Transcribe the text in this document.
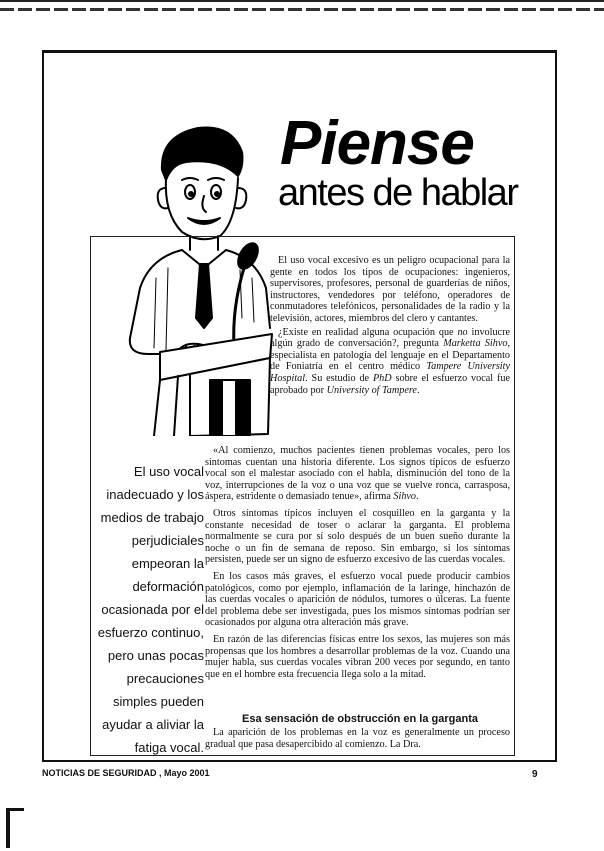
Piense
antes de hablar

El uso vocal excesivo es un peligro ocupacional para la gente en todos los tipos de ocupaciones: ingenieros, supervisores, profesores, personal de guarderías de niños, instructores, vendedores por teléfono, operadores de conmutadores telefónicos, personalidades de la radio y la televisión, actores, miembros del clero y cantantes.

¿Existe en realidad alguna ocupación que no involucre algún grado de conversación?, pregunta Marketta Sihvo, especialista en patología del lenguaje en el Departamento de Foniatría en el centro médico Tampere University Hospital. Su estudio de PhD sobre el esfuerzo vocal fue aprobado por University of Tampere.

El uso vocal
inadecuado y los
medios de trabajo
perjudiciales
empeoran la
deformación
ocasionada por el
esfuerzo continuo,
pero unas pocas
precauciones
simples pueden
ayudar a aliviar la
fatiga vocal.

«Al comienzo, muchos pacientes tienen problemas vocales, pero los síntomas cuentan una historia diferente. Los signos típicos de esfuerzo vocal son el malestar asociado con el habla, disminución del tono de la voz, interrupciones de la voz o una voz que se vuelve ronca, carrasposa, áspera, estridente o demasiado tenue», afirma Sihvo.

Otros síntomas típicos incluyen el cosquilleo en la garganta y la constante necesidad de toser o aclarar la garganta. El problema normalmente se cura por sí solo después de un buen sueño durante la noche o un fin de semana de reposo. Sin embargo, si los síntomas persisten, puede ser un signo de esfuerzo excesivo de las cuerdas vocales.

En los casos más graves, el esfuerzo vocal puede producir cambios patológicos, como por ejemplo, inflamación de la laringe, hinchazón de las cuerdas vocales o aparición de nódulos, tumores o úlceras. La fuente del problema debe ser investigada, pues los mismos síntomas podrían ser ocasionados por alguna otra alteración más grave.

En razón de las diferencias físicas entre los sexos, las mujeres son más propensas que los hombres a desarrollar problemas de la voz. Cuando una mujer habla, sus cuerdas vocales vibran 200 veces por segundo, en tanto que en el hombre esta frecuencia llega solo a la mitad.

Esa sensación de obstrucción en la garganta
La aparición de los problemas en la voz es generalmente un proceso gradual que pasa desapercibido al comienzo. La Dra.
NOTICIAS DE SEGURIDAD , Mayo 2001	9
